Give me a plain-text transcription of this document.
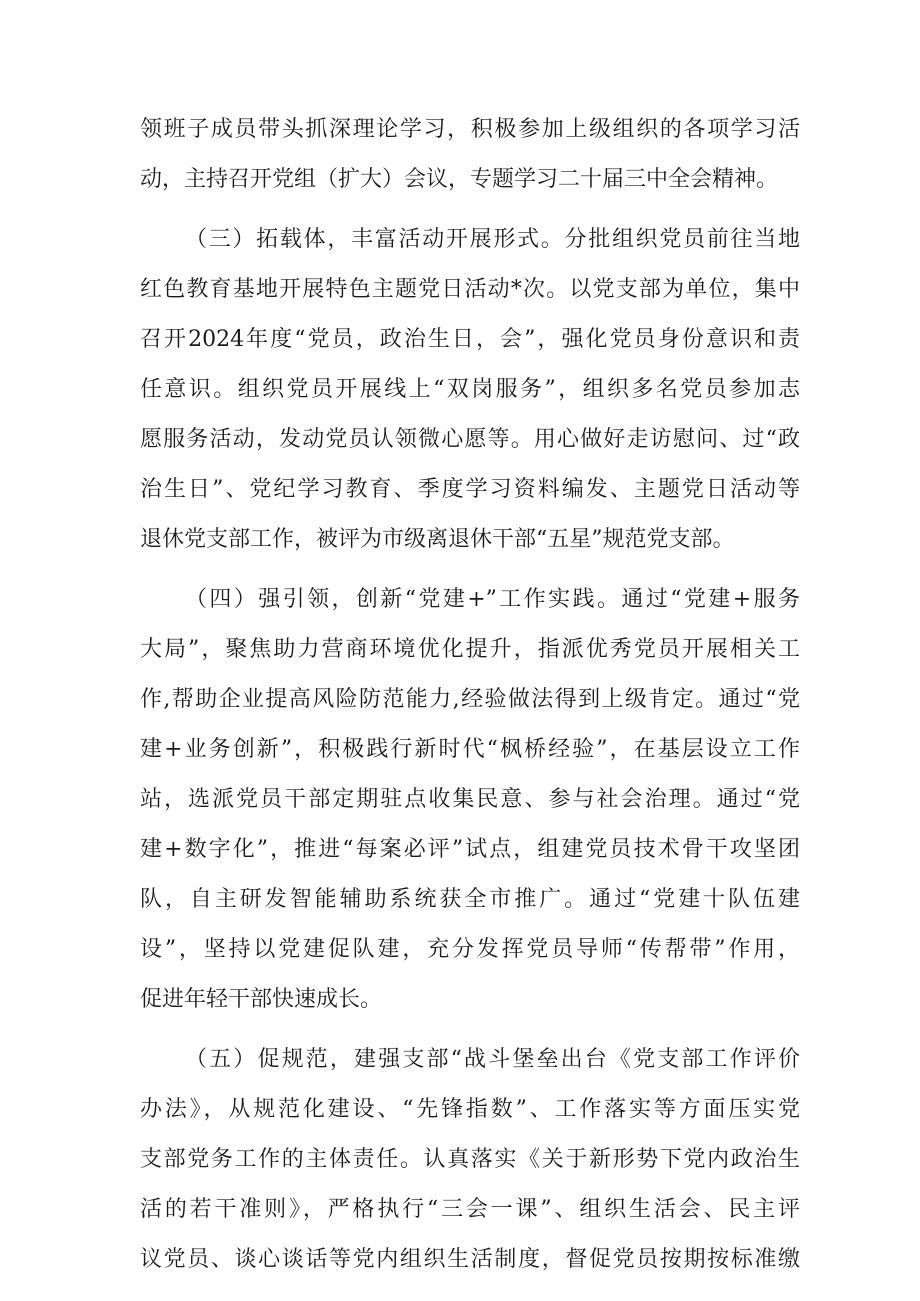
领班子成员带头抓深理论学习，积极参加上级组织的各项学习活
动，主持召开党组（扩大）会议，专题学习二十届三中全会精神。
（三）拓载体，丰富活动开展形式。分批组织党员前往当地
红色教育基地开展特色主题党日活动*次。以党支部为单位，集中
召开2024年度“党员，政治生日，会”，强化党员身份意识和责
任意识。组织党员开展线上“双岗服务”，组织多名党员参加志
愿服务活动，发动党员认领微心愿等。用心做好走访慰问、过“政
治生日”、党纪学习教育、季度学习资料编发、主题党日活动等
退休党支部工作，被评为市级离退休干部“五星”规范党支部。
（四）强引领，创新“党建+”工作实践。通过“党建+服务
大局”，聚焦助力营商环境优化提升，指派优秀党员开展相关工
作,帮助企业提高风险防范能力,经验做法得到上级肯定。通过“党
建+业务创新”，积极践行新时代“枫桥经验”，在基层设立工作
站，选派党员干部定期驻点收集民意、参与社会治理。通过“党
建+数字化”，推进“每案必评”试点，组建党员技术骨干攻坚团
队，自主研发智能辅助系统获全市推广。通过“党建十队伍建
设”，坚持以党建促队建，充分发挥党员导师“传帮带”作用，
促进年轻干部快速成长。
（五）促规范，建强支部“战斗堡垒出台《党支部工作评价
办法》，从规范化建设、“先锋指数”、工作落实等方面压实党
支部党务工作的主体责任。认真落实《关于新形势下党内政治生
活的若干准则》，严格执行“三会一课”、组织生活会、民主评
议党员、谈心谈话等党内组织生活制度，督促党员按期按标准缴
